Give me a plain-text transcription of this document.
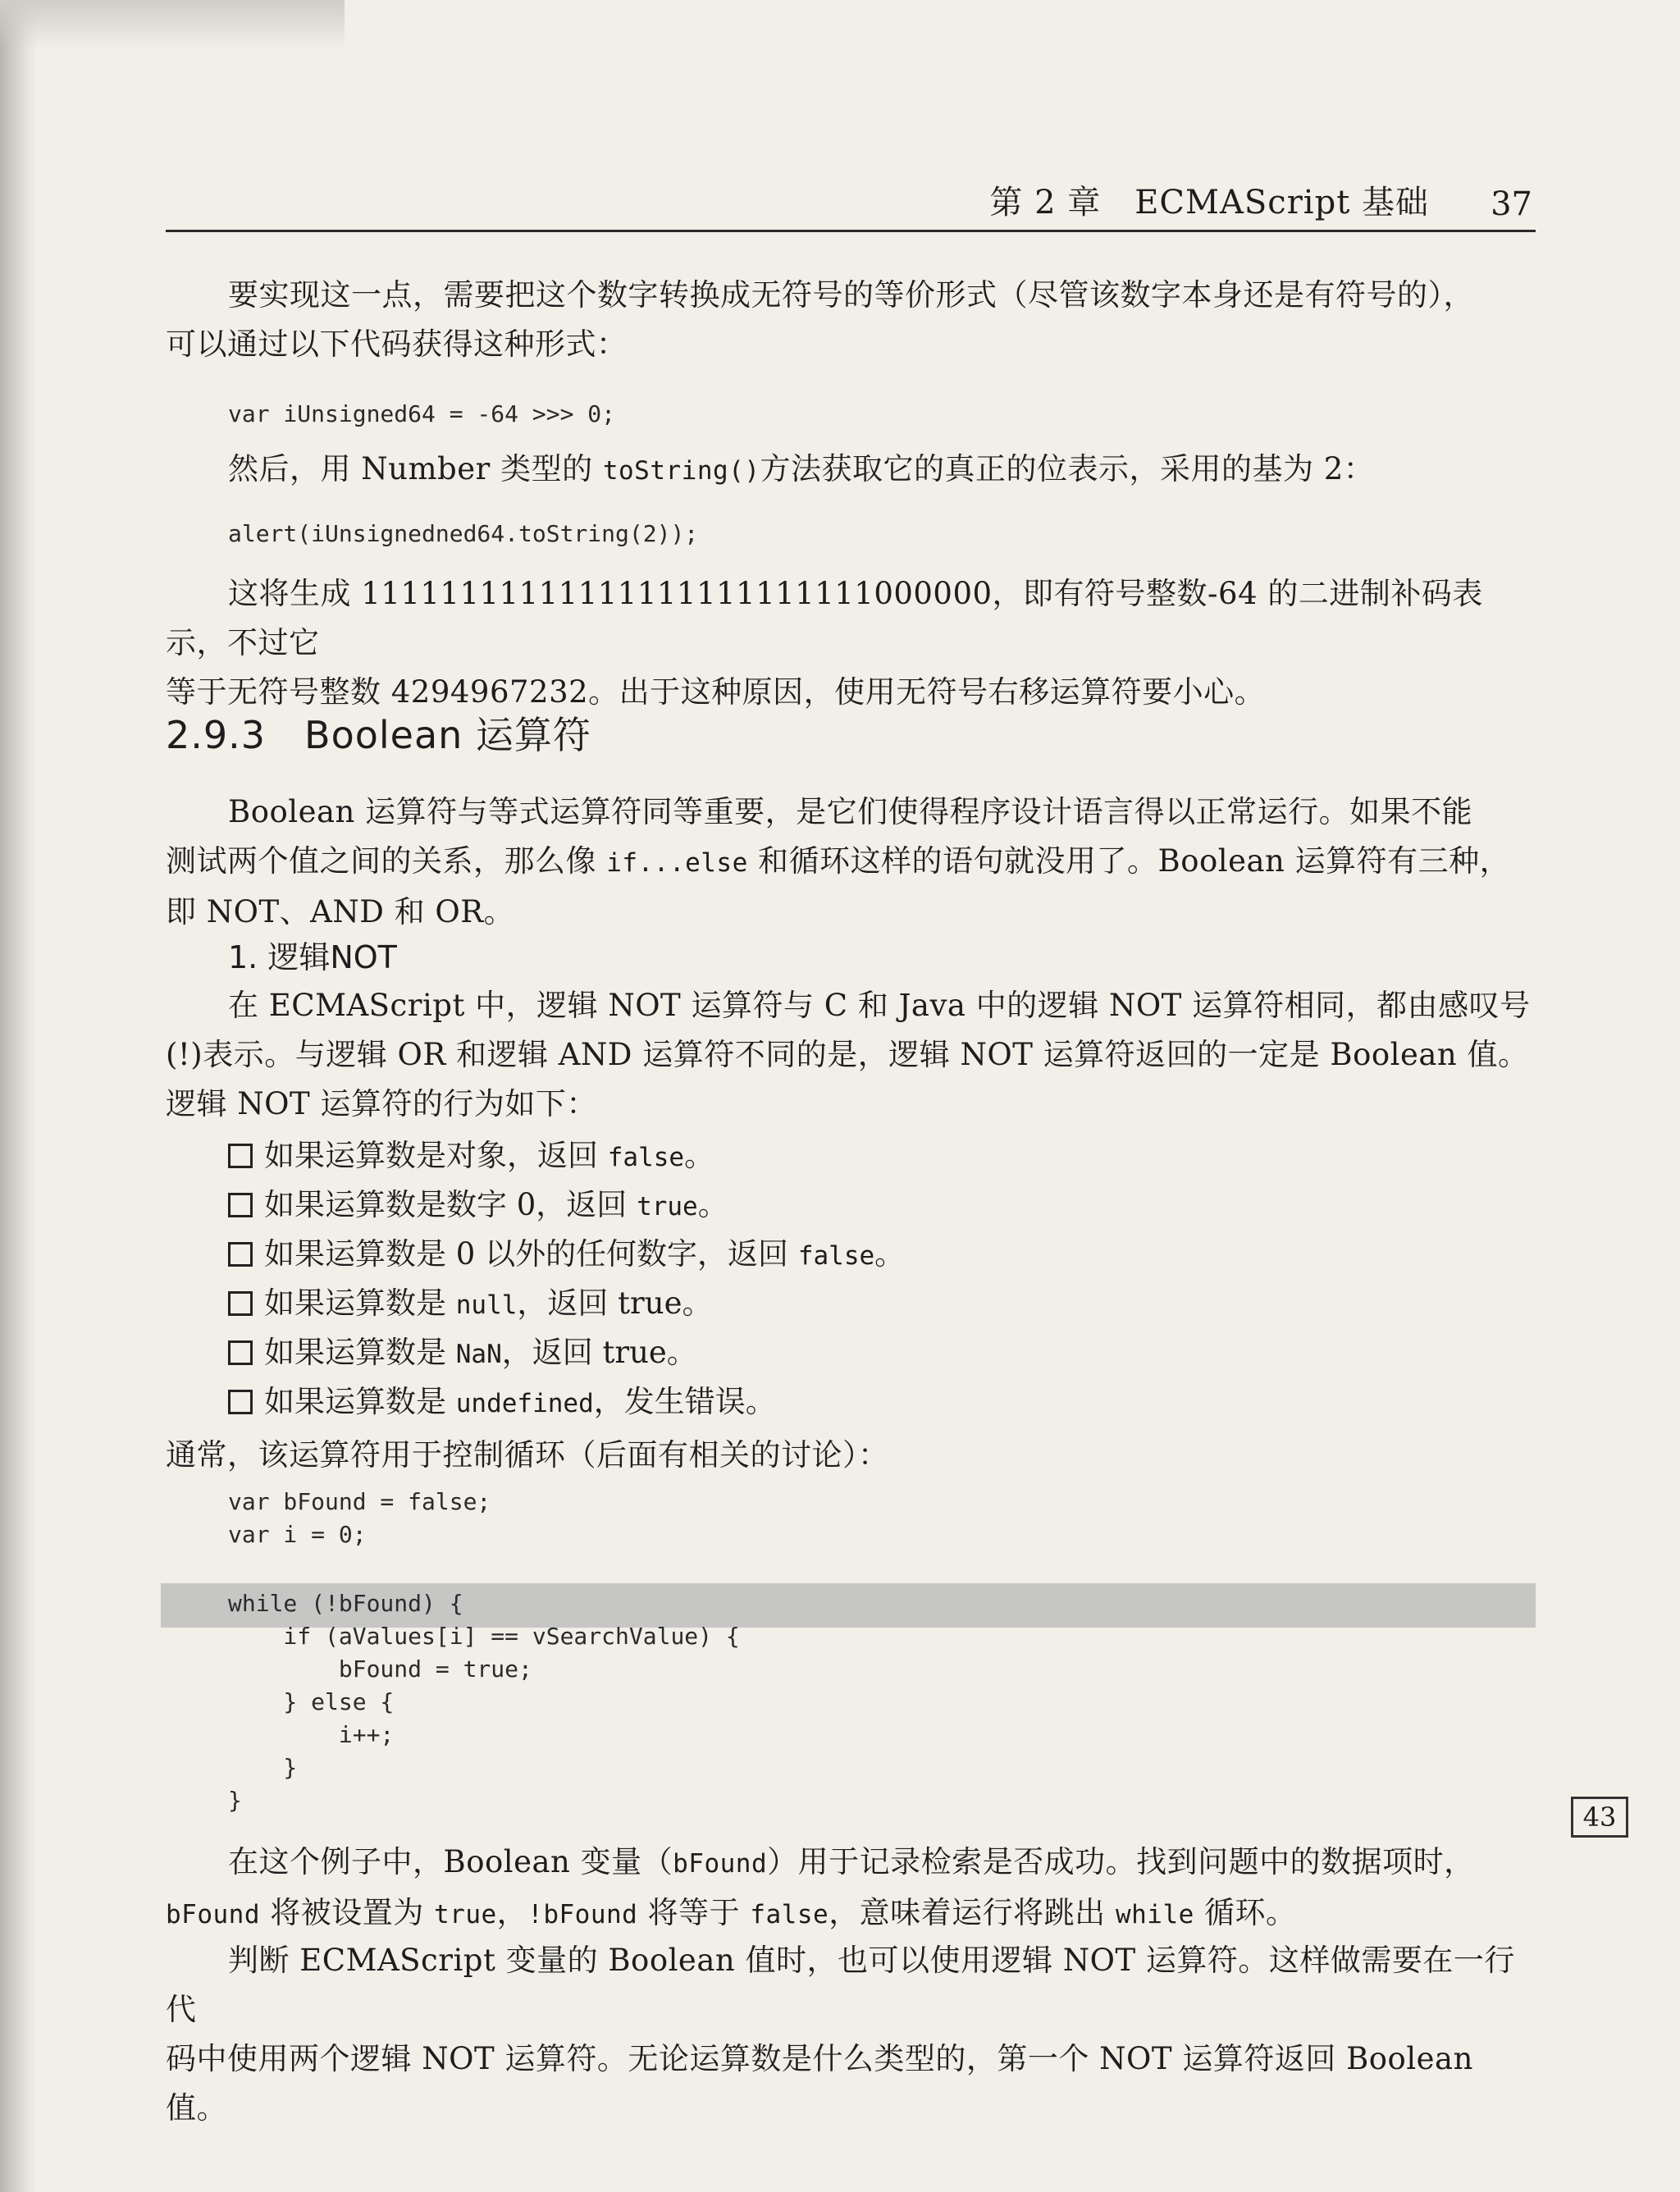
第 2 章　ECMAScript 基础 37
要实现这一点，需要把这个数字转换成无符号的等价形式（尽管该数字本身还是有符号的），
可以通过以下代码获得这种形式：
var iUnsigned64 = -64 >>> 0;
然后，用 Number 类型的 toString()方法获取它的真正的位表示，采用的基为 2：
alert(iUnsignedned64.toString(2));
这将生成 11111111111111111111111111000000，即有符号整数-64 的二进制补码表示，不过它
等于无符号整数 4294967232。出于这种原因，使用无符号右移运算符要小心。
2.9.3　Boolean 运算符
Boolean 运算符与等式运算符同等重要，是它们使得程序设计语言得以正常运行。如果不能
测试两个值之间的关系，那么像 if...else 和循环这样的语句就没用了。Boolean 运算符有三种，
即 NOT、AND 和 OR。
1. 逻辑NOT
在 ECMAScript 中，逻辑 NOT 运算符与 C 和 Java 中的逻辑 NOT 运算符相同，都由感叹号
(!)表示。与逻辑 OR 和逻辑 AND 运算符不同的是，逻辑 NOT 运算符返回的一定是 Boolean 值。
逻辑 NOT 运算符的行为如下：
如果运算数是对象，返回 false。
如果运算数是数字 0，返回 true。
如果运算数是 0 以外的任何数字，返回 false。
如果运算数是 null，返回 true。
如果运算数是 NaN，返回 true。
如果运算数是 undefined，发生错误。
通常，该运算符用于控制循环（后面有相关的讨论）：
var bFound = false;
var i = 0;
while (!bFound) {
if (aValues[i] == vSearchValue) {
bFound = true;
} else {
i++;
}
}
43
在这个例子中，Boolean 变量（bFound）用于记录检索是否成功。找到问题中的数据项时，
bFound 将被设置为 true，!bFound 将等于 false，意味着运行将跳出 while 循环。
判断 ECMAScript 变量的 Boolean 值时，也可以使用逻辑 NOT 运算符。这样做需要在一行代
码中使用两个逻辑 NOT 运算符。无论运算数是什么类型的，第一个 NOT 运算符返回 Boolean 值。
